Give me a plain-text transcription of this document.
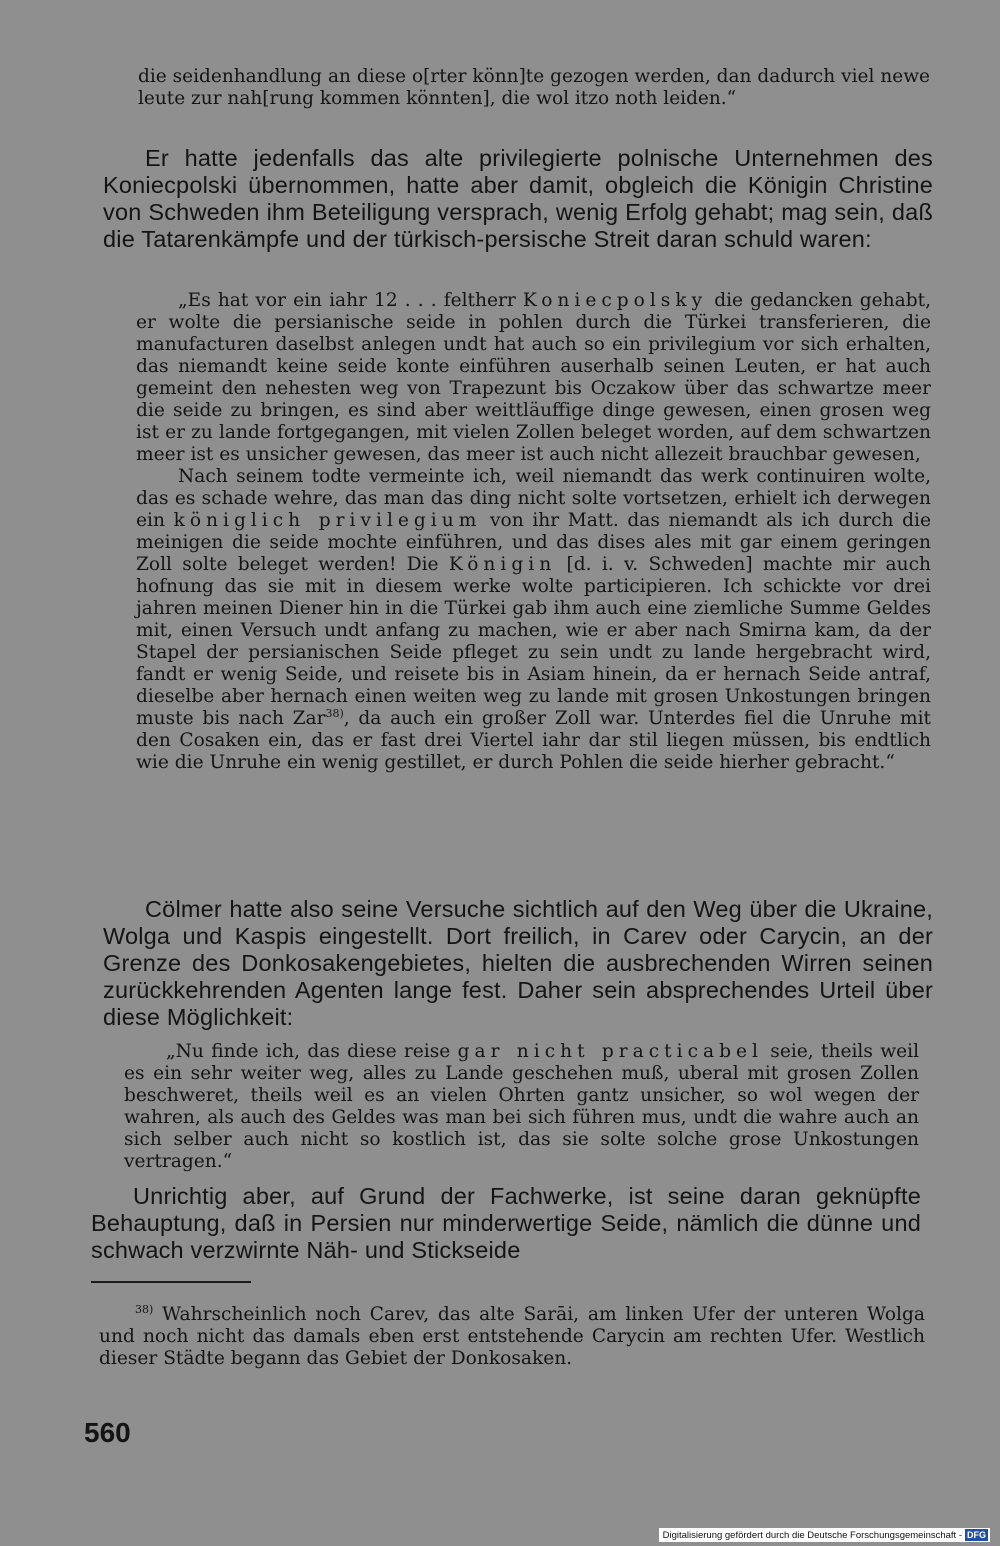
die seidenhandlung an diese o[rter könn]te gezogen werden, dan dadurch viel newe leute zur nah[rung kommen könnten], die wol itzo noth leiden.“

Er hatte jedenfalls das alte privilegierte polnische Unternehmen des Koniecpolski übernommen, hatte aber damit, obgleich die Königin Christine von Schweden ihm Beteiligung versprach, wenig Erfolg gehabt; mag sein, daß die Tatarenkämpfe und der türkisch-persische Streit daran schuld waren:

„Es hat vor ein iahr 12 . . . feltherr Koniecpolsky die gedancken gehabt, er wolte die persianische seide in pohlen durch die Türkei transferieren, die manufacturen daselbst anlegen undt hat auch so ein privilegium vor sich erhalten, das niemandt keine seide konte einführen auserhalb seinen Leuten, er hat auch gemeint den nehesten weg von Trapezunt bis Oczakow über das schwartze meer die seide zu bringen, es sind aber weittläuffige dinge gewesen, einen grosen weg ist er zu lande fortgegangen, mit vielen Zollen beleget worden, auf dem schwartzen meer ist es unsicher gewesen, das meer ist auch nicht allezeit brauchbar gewesen,

Nach seinem todte vermeinte ich, weil niemandt das werk continuiren wolte, das es schade wehre, das man das ding nicht solte vortsetzen, erhielt ich derwegen ein königlich privilegium von ihr Matt. das niemandt als ich durch die meinigen die seide mochte einführen, und das dises ales mit gar einem geringen Zoll solte beleget werden! Die Königin [d. i. v. Schweden] machte mir auch hofnung das sie mit in diesem werke wolte participieren. Ich schickte vor drei jahren meinen Diener hin in die Türkei gab ihm auch eine ziemliche Summe Geldes mit, einen Versuch undt anfang zu machen, wie er aber nach Smirna kam, da der Stapel der persianischen Seide pfleget zu sein undt zu lande hergebracht wird, fandt er wenig Seide, und reisete bis in Asiam hinein, da er hernach Seide antraf, dieselbe aber hernach einen weiten weg zu lande mit grosen Unkostungen bringen muste bis nach Zar$^{38)}$, da auch ein großer Zoll war. Unterdes fiel die Unruhe mit den Cosaken ein, das er fast drei Viertel iahr dar stil liegen müssen, bis endtlich wie die Unruhe ein wenig gestillet, er durch Pohlen die seide hierher gebracht.“

Cölmer hatte also seine Versuche sichtlich auf den Weg über die Ukraine, Wolga und Kaspis eingestellt. Dort freilich, in Carev oder Carycin, an der Grenze des Donkosakengebietes, hielten die ausbrechenden Wirren seinen zurückkehrenden Agenten lange fest. Daher sein absprechendes Urteil über diese Möglichkeit:

„Nu finde ich, das diese reise gar nicht practicabel seie, theils weil es ein sehr weiter weg, alles zu Lande geschehen muß, uberal mit grosen Zollen beschweret, theils weil es an vielen Ohrten gantz unsicher, so wol wegen der wahren, als auch des Geldes was man bei sich führen mus, undt die wahre auch an sich selber auch nicht so kostlich ist, das sie solte solche grose Unkostungen vertragen.“

Unrichtig aber, auf Grund der Fachwerke, ist seine daran geknüpfte Behauptung, daß in Persien nur minderwertige Seide, nämlich die dünne und schwach verzwirnte Näh- und Stickseide

$^{38)}$ Wahrscheinlich noch Carev, das alte Sarāi, am linken Ufer der unteren Wolga und noch nicht das damals eben erst entstehende Carycin am rechten Ufer. Westlich dieser Städte begann das Gebiet der Donkosaken.

560
Digitalisierung gefördert durch die Deutsche Forschungsgemeinschaft - DFG
